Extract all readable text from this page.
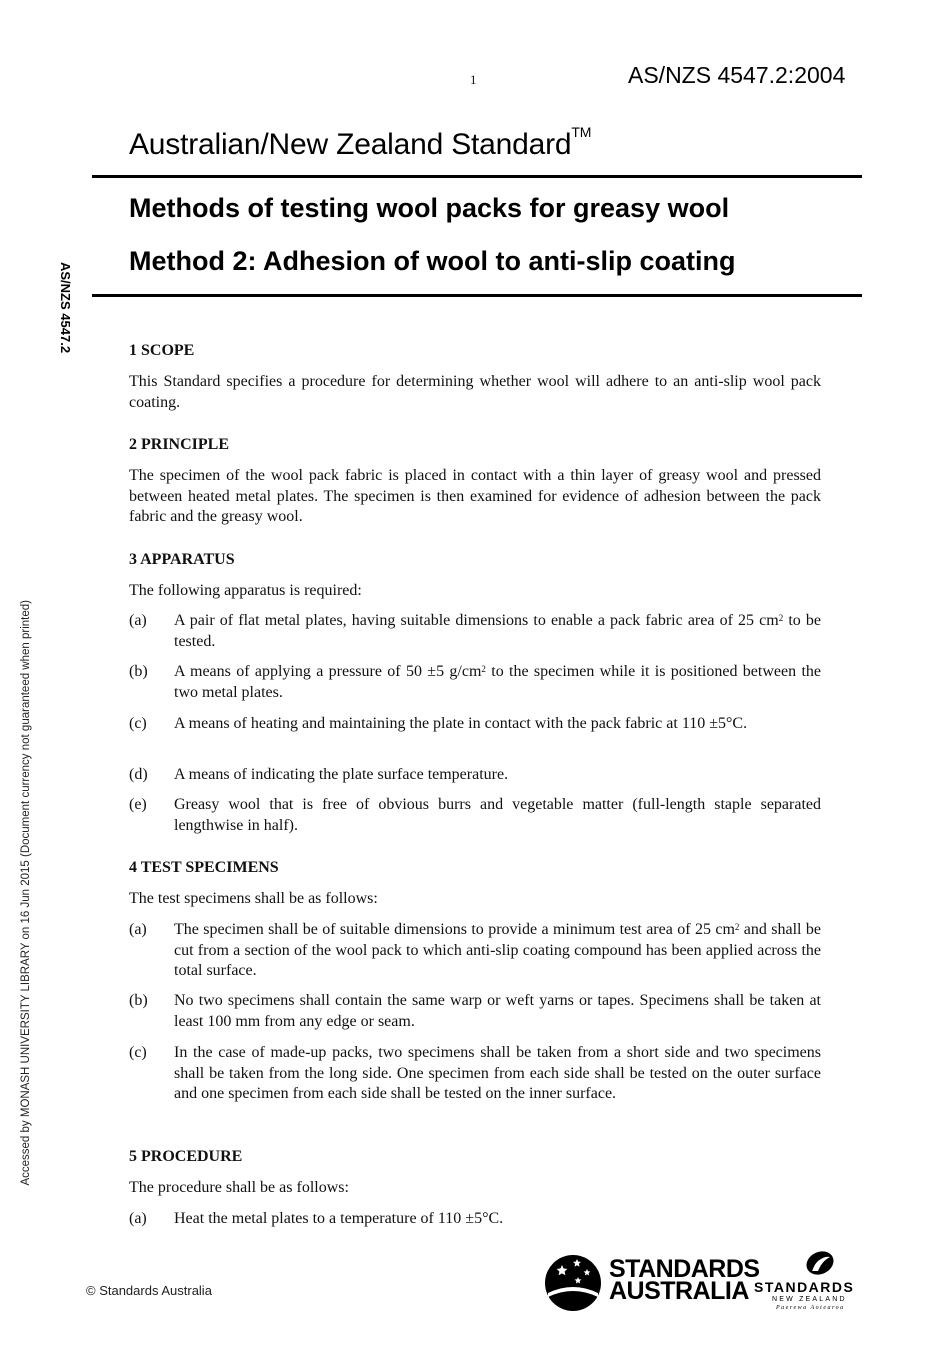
1	AS/NZS 4547.2:2004
Australian/New Zealand Standard™
Methods of testing wool packs for greasy wool
Method 2: Adhesion of wool to anti-slip coating
AS/NZS 4547.2
Accessed by MONASH UNIVERSITY LIBRARY on 16 Jun 2015 (Document currency not guaranteed when printed)
1 SCOPE
This Standard specifies a procedure for determining whether wool will adhere to an anti-slip wool pack coating.
2 PRINCIPLE
The specimen of the wool pack fabric is placed in contact with a thin layer of greasy wool and pressed between heated metal plates. The specimen is then examined for evidence of adhesion between the pack fabric and the greasy wool.
3 APPARATUS
The following apparatus is required:
(a) A pair of flat metal plates, having suitable dimensions to enable a pack fabric area of 25 $cm^2$ to be tested.
(b) A means of applying a pressure of 50 ±5 $g/cm^2$ to the specimen while it is positioned between the two metal plates.
(c) A means of heating and maintaining the plate in contact with the pack fabric at 110 ±5°C.
(d) A means of indicating the plate surface temperature.
(e) Greasy wool that is free of obvious burrs and vegetable matter (full-length staple separated lengthwise in half).
4 TEST SPECIMENS
The test specimens shall be as follows:
(a) The specimen shall be of suitable dimensions to provide a minimum test area of 25 $cm^2$ and shall be cut from a section of the wool pack to which anti-slip coating compound has been applied across the total surface.
(b) No two specimens shall contain the same warp or weft yarns or tapes. Specimens shall be taken at least 100 mm from any edge or seam.
(c) In the case of made-up packs, two specimens shall be taken from a short side and two specimens shall be taken from the long side. One specimen from each side shall be tested on the outer surface and one specimen from each side shall be tested on the inner surface.
5 PROCEDURE
The procedure shall be as follows:
(a) Heat the metal plates to a temperature of 110 ±5°C.
© Standards Australia
STANDARDS
AUSTRALIA STANDARDS
NEW ZEALAND
Paerewa Aotearoa
